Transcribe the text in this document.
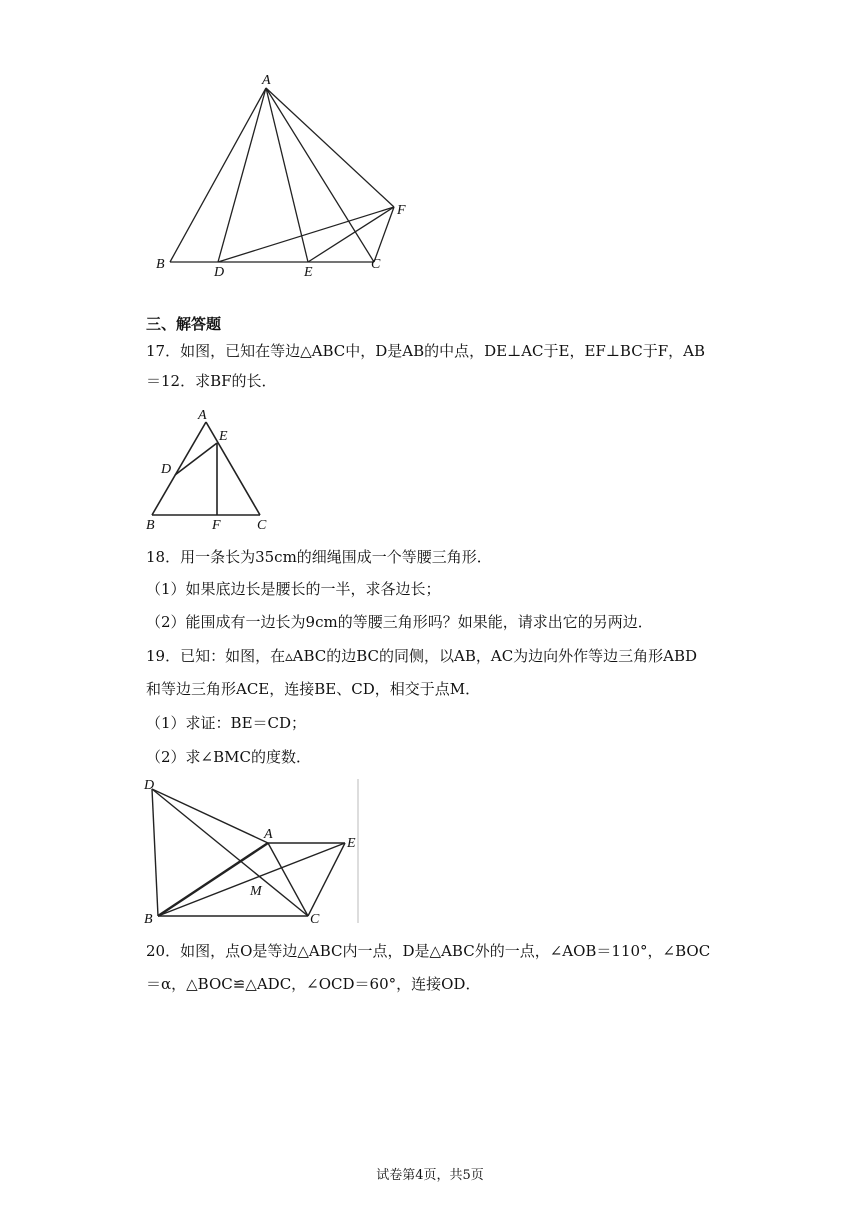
A
B
D	E
C
F
三、解答题
17．如图，已知在等边△ABC中，D是AB的中点，DE⊥AC于E，EF⊥BC于F，AB
＝12．求BF的长．
A
E
D
B	F	C
18．用一条长为35cm的细绳围成一个等腰三角形．
（1）如果底边长是腰长的一半，求各边长；
（2）能围成有一边长为9cm的等腰三角形吗？如果能，请求出它的另两边．
19．已知：如图，在▵ABC的边BC的同侧，以AB，AC为边向外作等边三角形ABD
和等边三角形ACE，连接BE、CD，相交于点M．
（1）求证：BE＝CD；
（2）求∠BMC的度数．
D
A
E
M
B	C
20．如图，点O是等边△ABC内一点，D是△ABC外的一点，∠AOB＝110°，∠BOC
＝α，△BOC≌△ADC，∠OCD＝60°，连接OD．
试卷第4页，共5页
